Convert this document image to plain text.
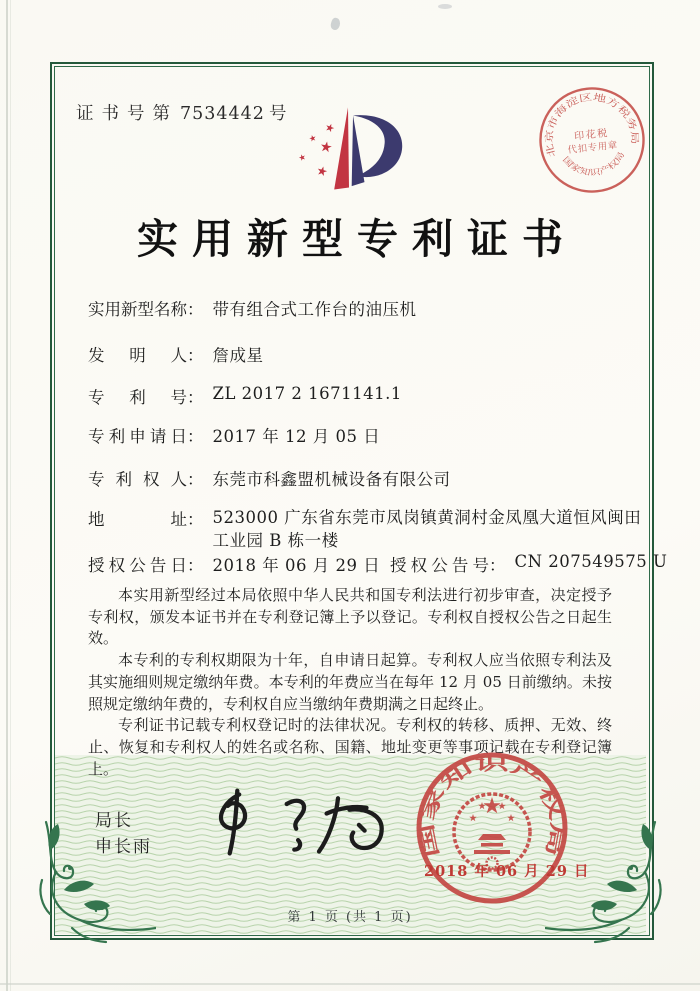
证书号第 7534442 号
北京市海淀区地方税务局
印花税
代扣专用章
国家知识产权局
实用新型专利证书
实用新型名称： 带有组合式工作台的油压机
发明人： 詹成星
专利号： ZL 2017 2 1671141.1
专利申请日： 2017 年 12 月 05 日
专利权人： 东莞市科鑫盟机械设备有限公司
地址： 523000 广东省东莞市凤岗镇黄洞村金凤凰大道恒风闽田工业园 B 栋一楼
授权公告日： 2018 年 06 月 29 日 授权公告号： CN 207549575 U

本实用新型经过本局依照中华人民共和国专利法进行初步审查，决定授予专利权，颁发本证书并在专利登记簿上予以登记。专利权自授权公告之日起生效。

本专利的专利权期限为十年，自申请日起算。专利权人应当依照专利法及其实施细则规定缴纳年费。本专利的年费应当在每年 12 月 05 日前缴纳。未按照规定缴纳年费的，专利权自应当缴纳年费期满之日起终止。

专利证书记载专利权登记时的法律状况。专利权的转移、质押、无效、终止、恢复和专利权人的姓名或名称、国籍、地址变更等事项记载在专利登记簿上。

局长
申长雨	国家知识产权局
2018 年 06 月 29 日
第 1 页 (共 1 页)
